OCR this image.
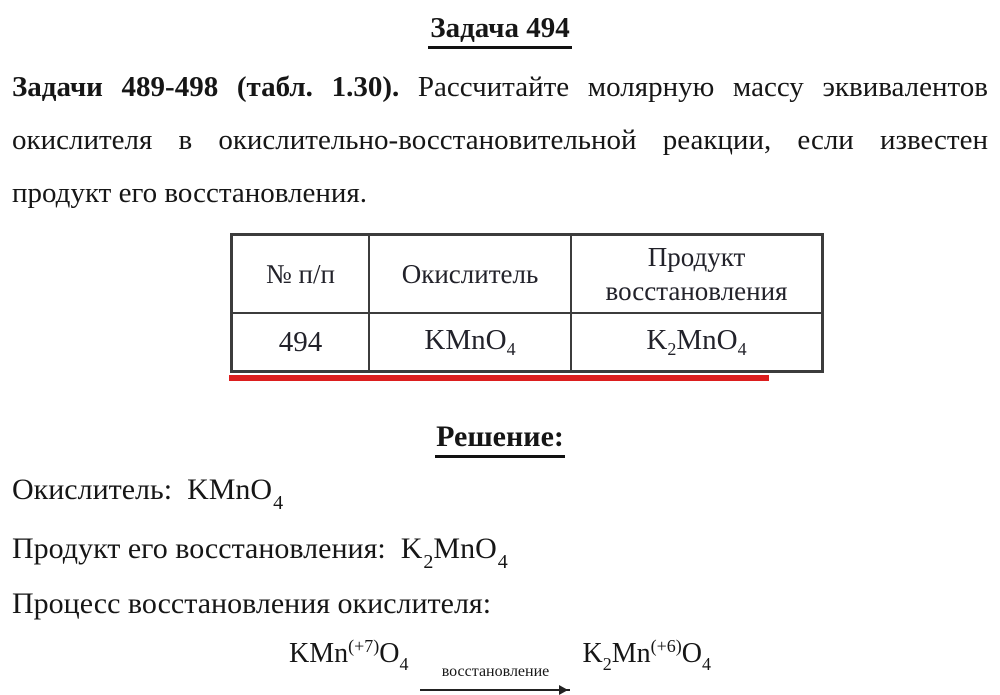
Задача 494
Задачи 489-498 (табл. 1.30). Рассчитайте молярную массу эквивалентов
окислителя в окислительно-восстановительной реакции, если известен
продукт его восстановления.
№ п/п	Окислитель	Продукт восстановления
494	KMnO$_4$	$K_2MnO_4$
Решение:
Окислитель: KMnO$_4$
Продукт его восстановления: $K_2MnO_4$
Процесс восстановления окислителя:
$KMn^{(+7)}O_4$	восстановление
$K_2Mn^{(+6)}O_4$
